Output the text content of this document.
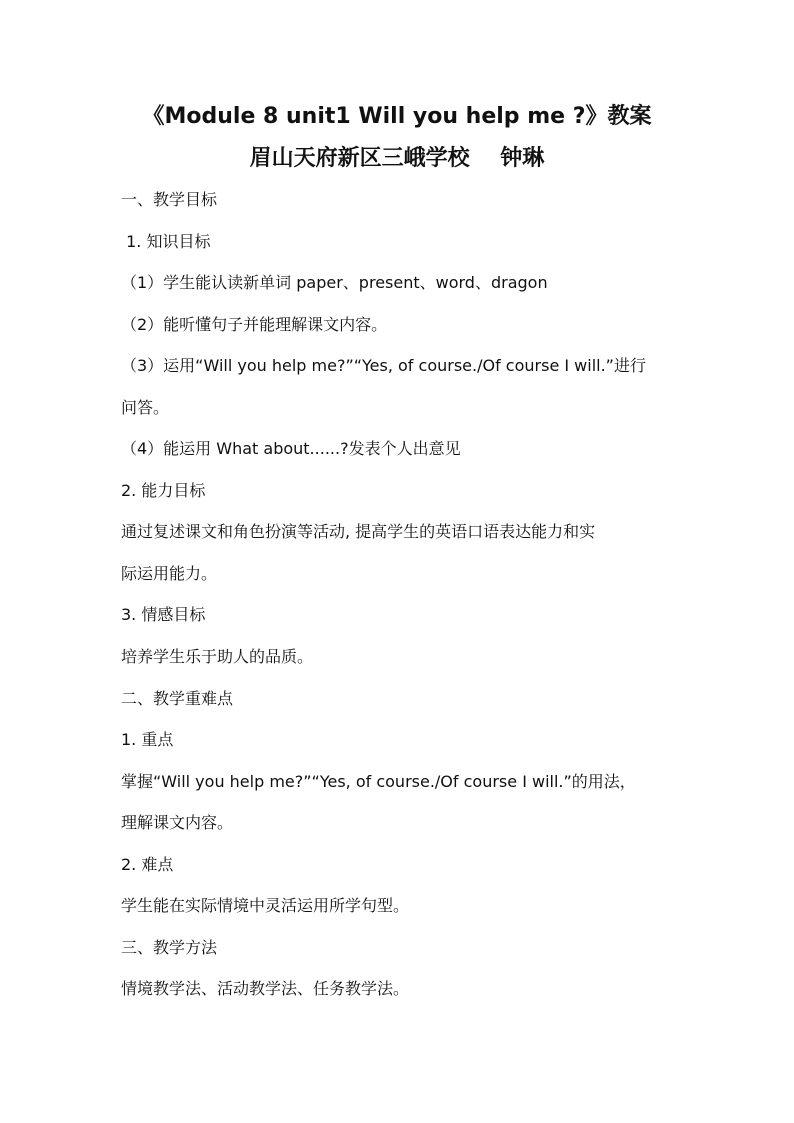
《Module 8 unit1 Will you help me ?》教案
眉山天府新区三峨学校    钟琳
一、教学目标
1. 知识目标
（1）学生能认读新单词 paper、present、word、dragon
（2）能听懂句子并能理解课文内容。
（3）运用“Will you help me?”“Yes, of course./Of course I will.”进行
问答。
（4）能运用 What about......?发表个人出意见
2. 能力目标
通过复述课文和角色扮演等活动, 提高学生的英语口语表达能力和实
际运用能力。
3. 情感目标
培养学生乐于助人的品质。
二、教学重难点
1. 重点
掌握“Will you help me?”“Yes, of course./Of course I will.”的用法，
理解课文内容。
2. 难点
学生能在实际情境中灵活运用所学句型。
三、教学方法
情境教学法、活动教学法、任务教学法。
